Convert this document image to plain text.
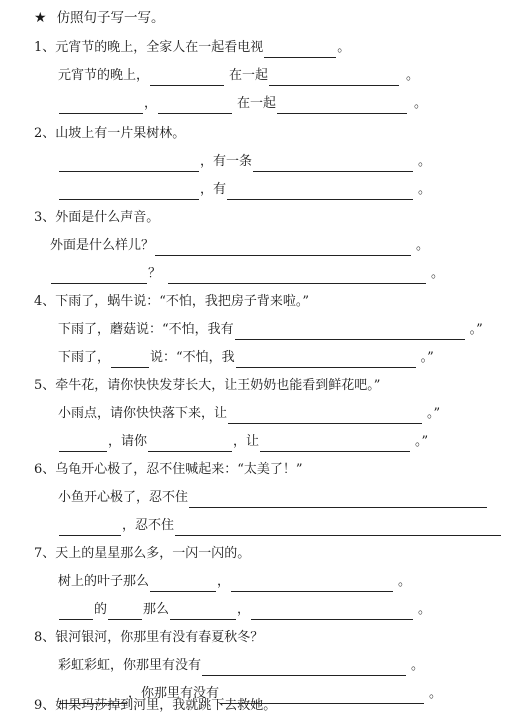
★ 仿照句子写一写。
1、元宵节的晚上，全家人在一起看电视	。
元宵节的晚上，	在一起	。
，	在一起	。
2、山坡上有一片果树林。
，有一条	。
，有	。
3、外面是什么声音。
外面是什么样儿？	。
？	。
4、下雨了，蜗牛说：“不怕，我把房子背来啦。”
下雨了，蘑菇说：“不怕，我有	。”
下雨了，	说：“不怕，我	。”
5、牵牛花，请你快快发芽长大，让王奶奶也能看到鲜花吧。”
小雨点，请你快快落下来，让	。”
，请你	，让	。”
6、乌龟开心极了，忍不住喊起来：“太美了！”
小鱼开心极了，忍不住
，忍不住
7、天上的星星那么多，一闪一闪的。
树上的叶子那么	，	。
的	那么	，	。
8、银河银河，你那里有没有春夏秋冬？
彩虹彩虹，你那里有没有	。
，你那里有没有	。
9、如果玛莎掉到河里，我就跳下去救她。
